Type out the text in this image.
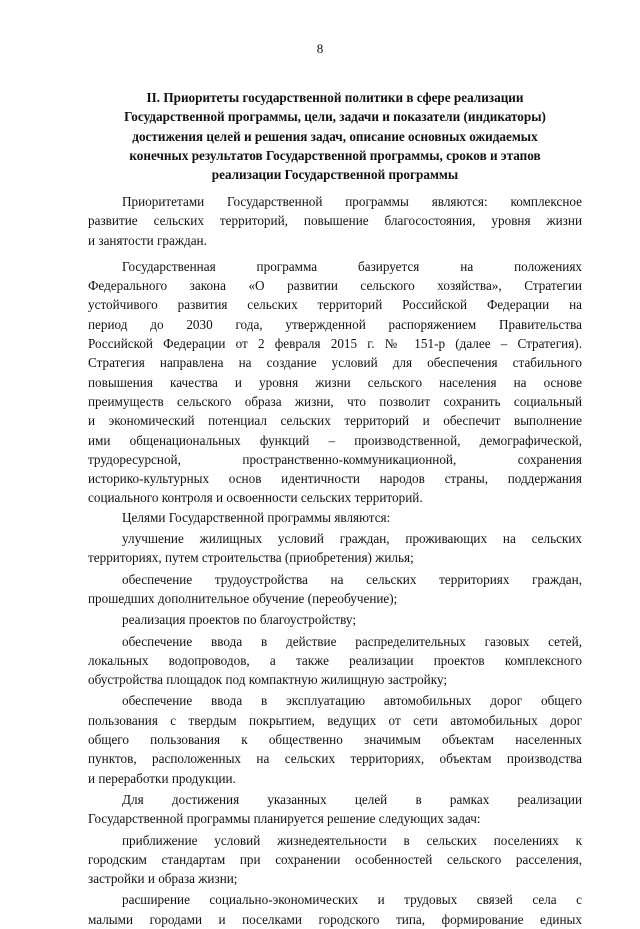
8
II. Приоритеты государственной политики в сфере реализации
Государственной программы, цели, задачи и показатели (индикаторы)
достижения целей и решения задач, описание основных ожидаемых
конечных результатов Государственной программы, сроков и этапов
реализации Государственной программы
Приоритетами Государственной программы являются: комплексное
развитие сельских территорий, повышение благосостояния, уровня жизни
и занятости граждан.
Государственная программа базируется на положениях
Федерального закона «О развитии сельского хозяйства», Стратегии
устойчивого развития сельских территорий Российской Федерации на
период до 2030 года, утвержденной распоряжением Правительства
Российской Федерации от 2 февраля 2015 г. № 151-р (далее – Стратегия).
Стратегия направлена на создание условий для обеспечения стабильного
повышения качества и уровня жизни сельского населения на основе
преимуществ сельского образа жизни, что позволит сохранить социальный
и экономический потенциал сельских территорий и обеспечит выполнение
ими общенациональных функций – производственной, демографической,
трудоресурсной, пространственно-коммуникационной, сохранения
историко-культурных основ идентичности народов страны, поддержания
социального контроля и освоенности сельских территорий.
Целями Государственной программы являются:
улучшение жилищных условий граждан, проживающих на сельских
территориях, путем строительства (приобретения) жилья;
обеспечение трудоустройства на сельских территориях граждан,
прошедших дополнительное обучение (переобучение);
реализация проектов по благоустройству;
обеспечение ввода в действие распределительных газовых сетей,
локальных водопроводов, а также реализации проектов комплексного
обустройства площадок под компактную жилищную застройку;
обеспечение ввода в эксплуатацию автомобильных дорог общего
пользования с твердым покрытием, ведущих от сети автомобильных дорог
общего пользования к общественно значимым объектам населенных
пунктов, расположенных на сельских территориях, объектам производства
и переработки продукции.
Для достижения указанных целей в рамках реализации
Государственной программы планируется решение следующих задач:
приближение условий жизнедеятельности в сельских поселениях к
городским стандартам при сохранении особенностей сельского расселения,
застройки и образа жизни;
расширение социально-экономических и трудовых связей села с
малыми городами и поселками городского типа, формирование единых
